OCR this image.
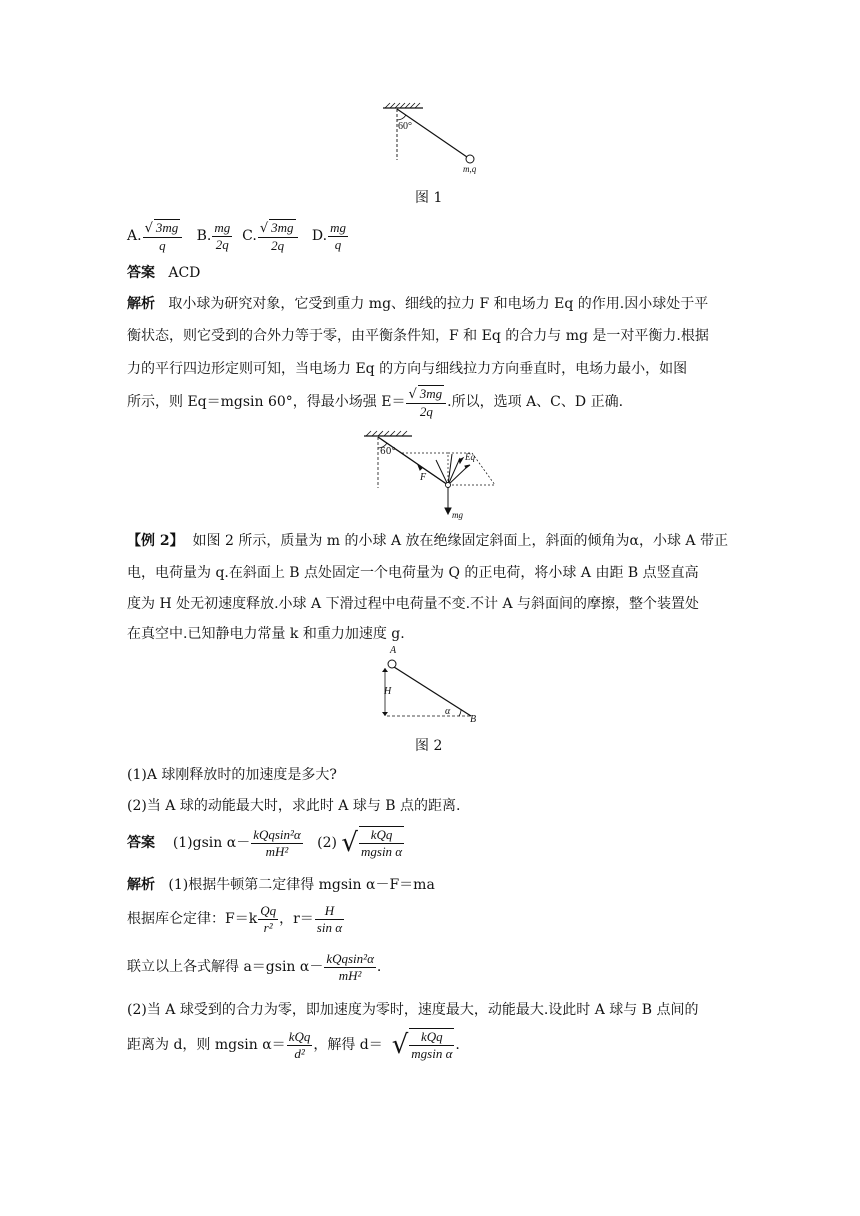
60°
m,q
图 1
A. $\frac{√ 3mg}{q} B$. $\frac{mg}{2q} C$. $\frac{√ 3mg}{2q} D$. $\frac{mg}{q}$
答案 ACD
解析 取小球为研究对象，它受到重力 mg、细线的拉力 F 和电场力 Eq 的作用.因小球处于平
衡状态，则它受到的合外力等于零，由平衡条件知，F 和 Eq 的合力与 mg 是一对平衡力.根据
力的平行四边形定则可知，当电场力 Eq 的方向与细线拉力方向垂直时，电场力最小，如图
所示，则 Eq＝mgsin 60°，得最小场强 $E= \frac{√ 3mg}{2q}$ .所以，选项 A、C、D 正确.
60°	Eq
F
mg
【例 2】 如图 2 所示，质量为 m 的小球 A 放在绝缘固定斜面上，斜面的倾角为α，小球 A 带正
电，电荷量为 q.在斜面上 B 点处固定一个电荷量为 Q 的正电荷，将小球 A 由距 B 点竖直高
度为 H 处无初速度释放.小球 A 下滑过程中电荷量不变.不计 A 与斜面间的摩擦，整个装置处
在真空中.已知静电力常量 k 和重力加速度 g.
A
H
α
B
图 2
(1)A 球刚释放时的加速度是多大?
(2)当 A 球的动能最大时，求此时 A 球与 B 点的距离.
答案 (1)gsin $\alpha- \frac{\text{kQqsin²α}}{\text{mH²}} (2)$ √ $\frac{\text{kQq}}{\text{mgsin α}}$
解析 (1)根据牛顿第二定律得 mgsin α－F＝ma
根据库仑定律：$F=k \frac{Qq}{\text{r²}}$ ，$r= \frac{H}{\text{sin α}}$
联立以上各式解得 a＝gsin $\alpha- \frac{\text{kQqsin²α}}{\text{mH²}}$ .
(2)当 A 球受到的合力为零，即加速度为零时，速度最大，动能最大.设此时 A 球与 B 点间的
距离为 d，则 mgsin $\alpha= \frac{\text{kQq}}{\text{d²}}$ ，解得 d＝ √ $\frac{\text{kQq}}{\text{mgsin α}}$ .
